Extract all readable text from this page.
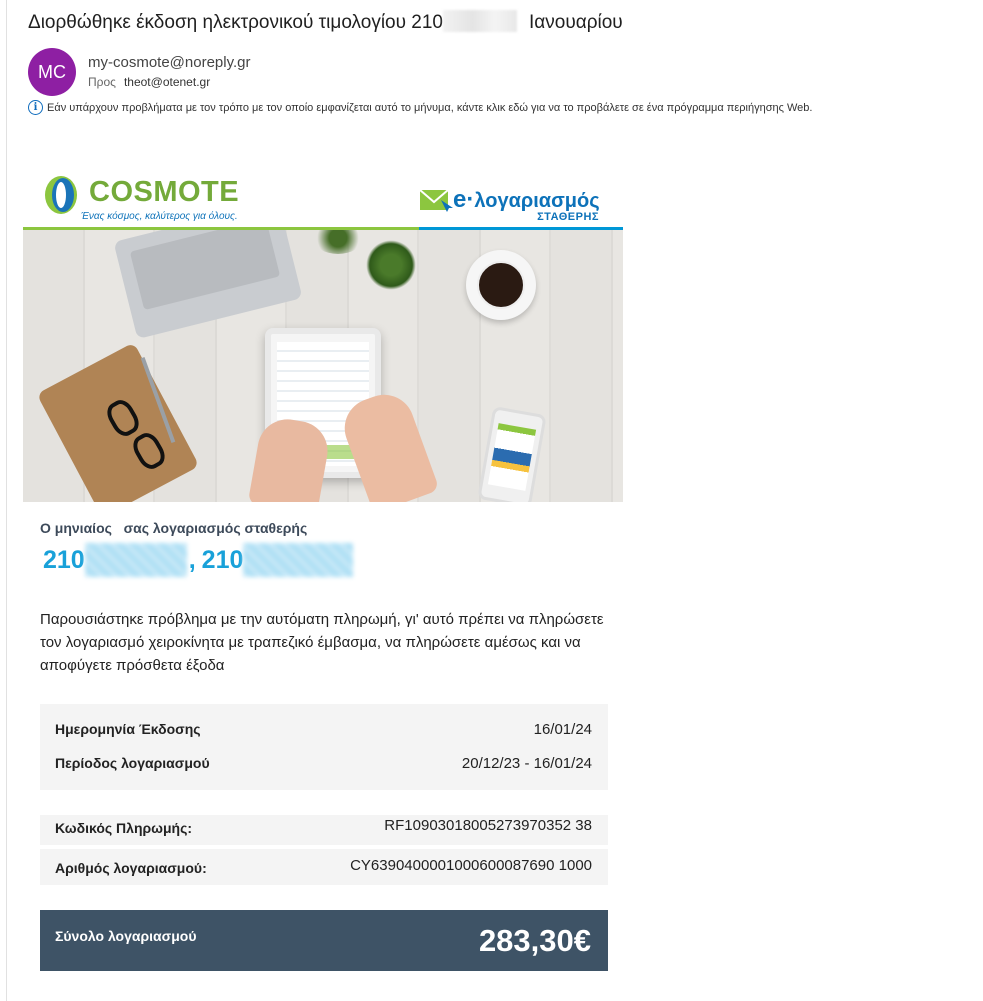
Διορθώθηκε έκδοση ηλεκτρονικού τιμολογίου 210	Ιανουαρίου
MC	my-cosmote@noreply.gr
Προς theot@otenet.gr
i Εάν υπάρχουν προβλήματα με τον τρόπο με τον οποίο εμφανίζεται αυτό το μήνυμα, κάντε κλικ εδώ για να το προβάλετε σε ένα πρόγραμμα περιήγησης Web.
COSMOTE
Ένας κόσμος, καλύτερος για όλους.
e·λογαριασμός
ΣΤΑΘΕΡΗΣ
Ο μηνιαίος   σας λογαριασμός σταθερής
210	, 210
Παρουσιάστηκε πρόβλημα με την αυτόματη πληρωμή, γι' αυτό πρέπει να πληρώσετε τον λογαριασμό χειροκίνητα με τραπεζικό έμβασμα, να πληρώσετε αμέσως και να αποφύγετε πρόσθετα έξοδα
Ημερομηνία Έκδοσης	16/01/24
Περίοδος λογαριασμού	20/12/23 - 16/01/24
Κωδικός Πληρωμής:	RF10903018005273970352 38
Αριθμός λογαριασμού:	CY6390400001000600087690 1000
Σύνολο λογαριασμού	283,30€
